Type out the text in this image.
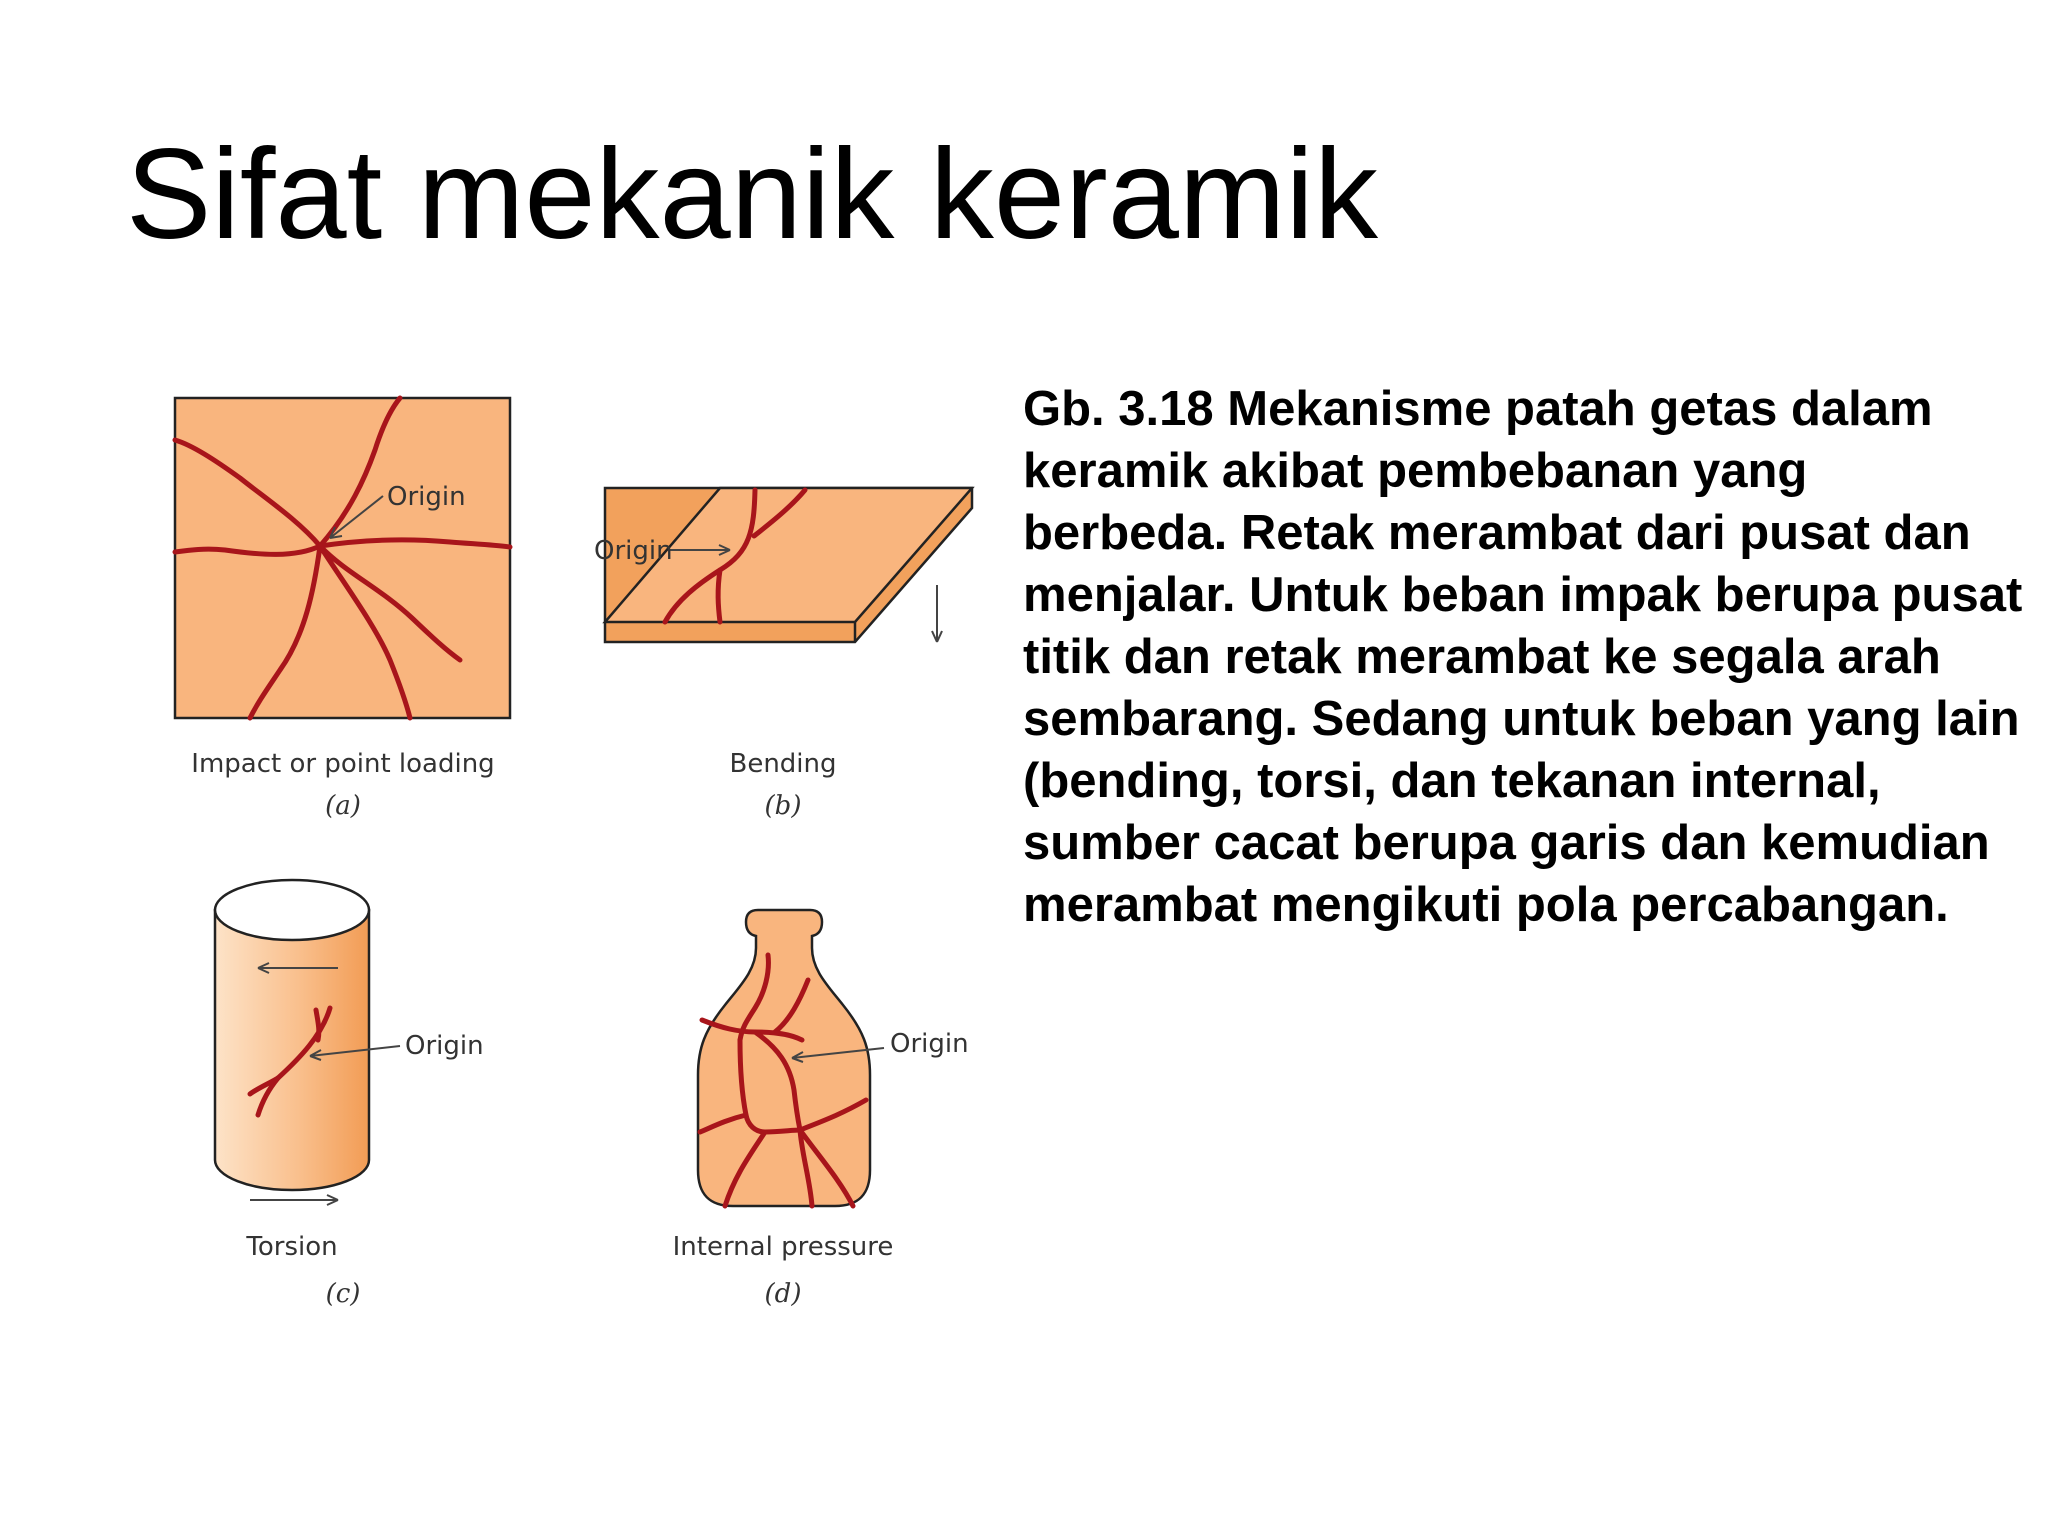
Sifat mekanik keramik
Origin
Impact or point loading
(a)
Origin
Bending
(b)
Origin
Torsion
(c)
Origin
Internal pressure
(d)

Gb. 3.18 Mekanisme patah getas dalam keramik akibat pembebanan yang berbeda. Retak merambat dari pusat dan menjalar. Untuk beban impak berupa pusat titik dan retak merambat ke segala arah sembarang. Sedang untuk beban yang lain (bending, torsi, dan tekanan internal, sumber cacat berupa garis dan kemudian merambat mengikuti pola percabangan.
